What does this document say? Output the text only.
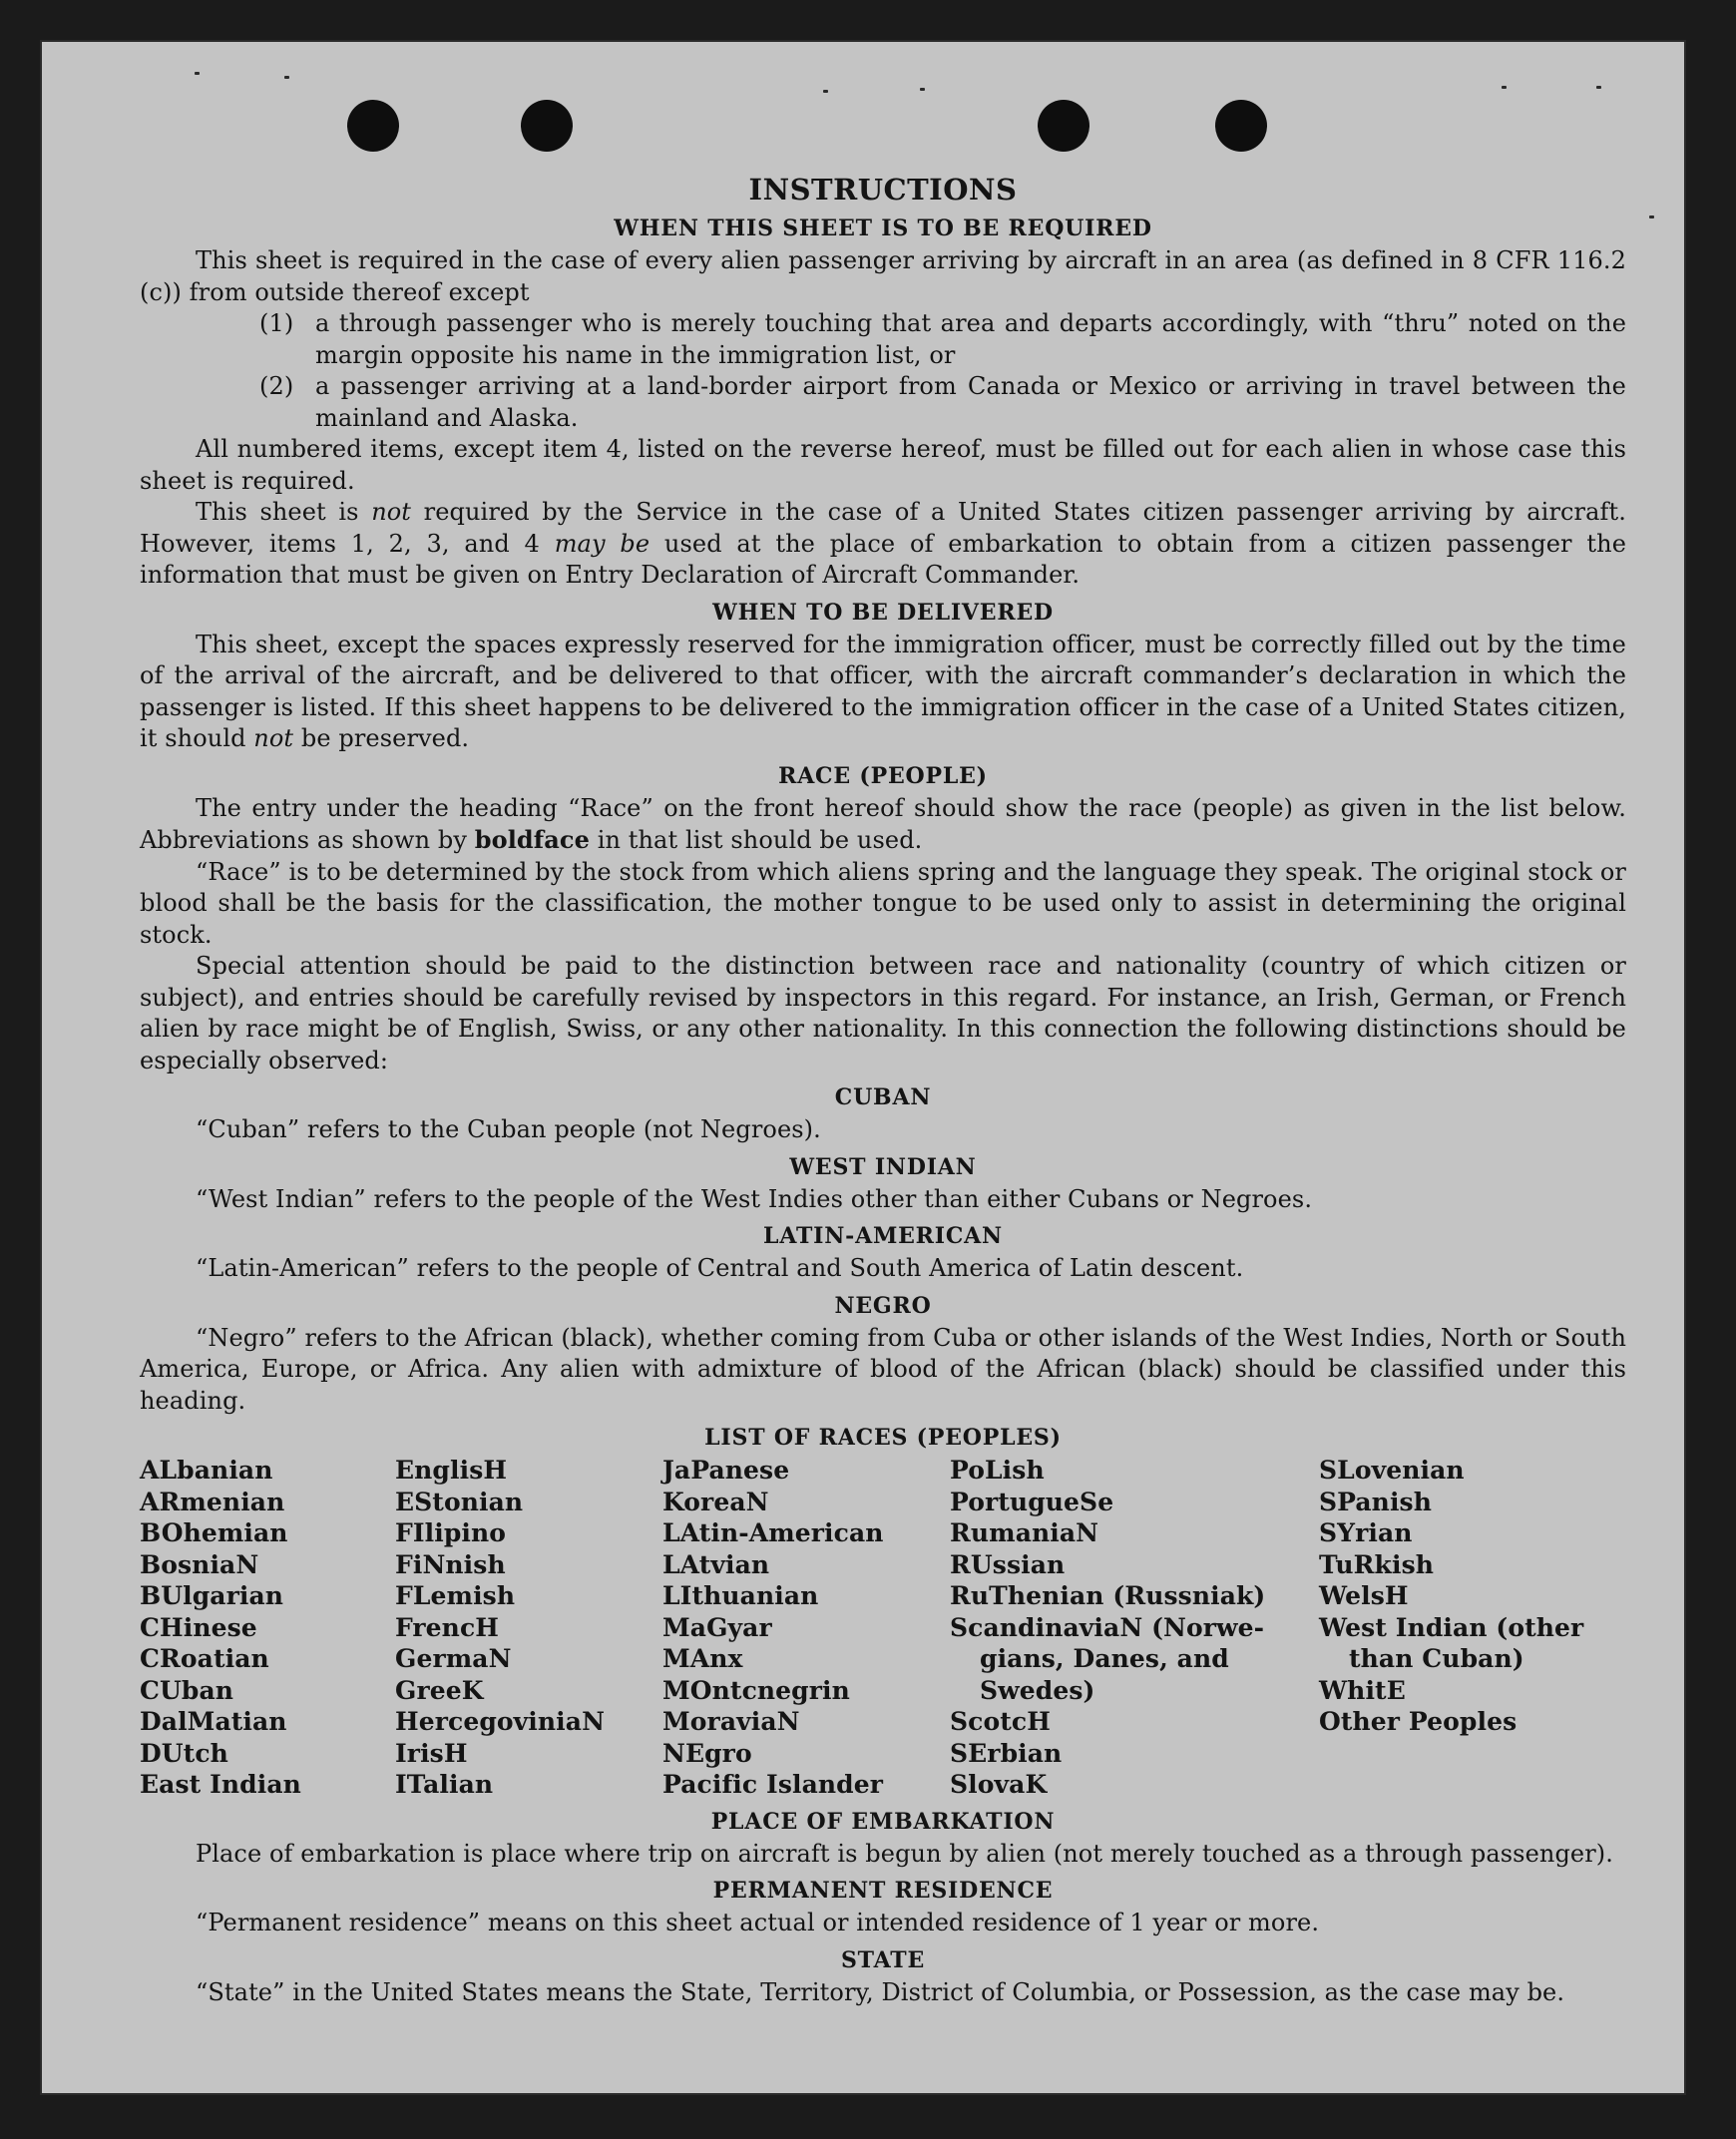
INSTRUCTIONS
WHEN THIS SHEET IS TO BE REQUIRED

This sheet is required in the case of every alien passenger arriving by aircraft in an area (as defined in 8 CFR 116.2 (c)) from outside thereof except

(1) a through passenger who is merely touching that area and departs accordingly, with “thru” noted on the margin opposite his name in the immigration list, or
(2) a passenger arriving at a land-border airport from Canada or Mexico or arriving in travel between the mainland and Alaska.

All numbered items, except item 4, listed on the reverse hereof, must be filled out for each alien in whose case this sheet is required.

This sheet is not required by the Service in the case of a United States citizen passenger arriving by aircraft. However, items 1, 2, 3, and 4 may be used at the place of embarkation to obtain from a citizen passenger the information that must be given on Entry Declaration of Aircraft Commander.

WHEN TO BE DELIVERED

This sheet, except the spaces expressly reserved for the immigration officer, must be correctly filled out by the time of the arrival of the aircraft, and be delivered to that officer, with the aircraft commander’s declaration in which the passenger is listed. If this sheet happens to be delivered to the immigration officer in the case of a United States citizen, it should not be preserved.

RACE (PEOPLE)

The entry under the heading “Race” on the front hereof should show the race (people) as given in the list below. Abbreviations as shown by boldface in that list should be used.

“Race” is to be determined by the stock from which aliens spring and the language they speak. The original stock or blood shall be the basis for the classification, the mother tongue to be used only to assist in determining the original stock.

Special attention should be paid to the distinction between race and nationality (country of which citizen or subject), and entries should be carefully revised by inspectors in this regard. For instance, an Irish, German, or French alien by race might be of English, Swiss, or any other nationality. In this connection the following distinctions should be especially observed:

CUBAN

“Cuban” refers to the Cuban people (not Negroes).

WEST INDIAN

“West Indian” refers to the people of the West Indies other than either Cubans or Negroes.

LATIN-AMERICAN

“Latin-American” refers to the people of Central and South America of Latin descent.

NEGRO

“Negro” refers to the African (black), whether coming from Cuba or other islands of the West Indies, North or South America, Europe, or Africa. Any alien with admixture of blood of the African (black) should be classified under this heading.

LIST OF RACES (PEOPLES)
ALbanian
ARmenian
BOhemian
BosniaN
BUlgarian
CHinese
CRoatian
CUban
DalMatian
DUtch
East Indian
EnglisH
EStonian
FIlipino
FiNnish
FLemish
FrencH
GermaN
GreeK
HercegoviniaN
IrisH
ITalian
JaPanese
KoreaN
LAtin-American
LAtvian
LIthuanian
MaGyar
MAnx
MOntcnegrin
MoraviaN
NEgro
Pacific Islander
PoLish
PortugueSe
RumaniaN
RUssian
RuThenian (Russniak)
ScandinaviaN (Norwe-
gians, Danes, and
Swedes)
ScotcH
SErbian
SlovaK
SLovenian
SPanish
SYrian
TuRkish
WelsH
West Indian (other
than Cuban)
WhitE
Other Peoples
PLACE OF EMBARKATION

Place of embarkation is place where trip on aircraft is begun by alien (not merely touched as a through passenger).

PERMANENT RESIDENCE

“Permanent residence” means on this sheet actual or intended residence of 1 year or more.

STATE

“State” in the United States means the State, Territory, District of Columbia, or Possession, as the case may be.
